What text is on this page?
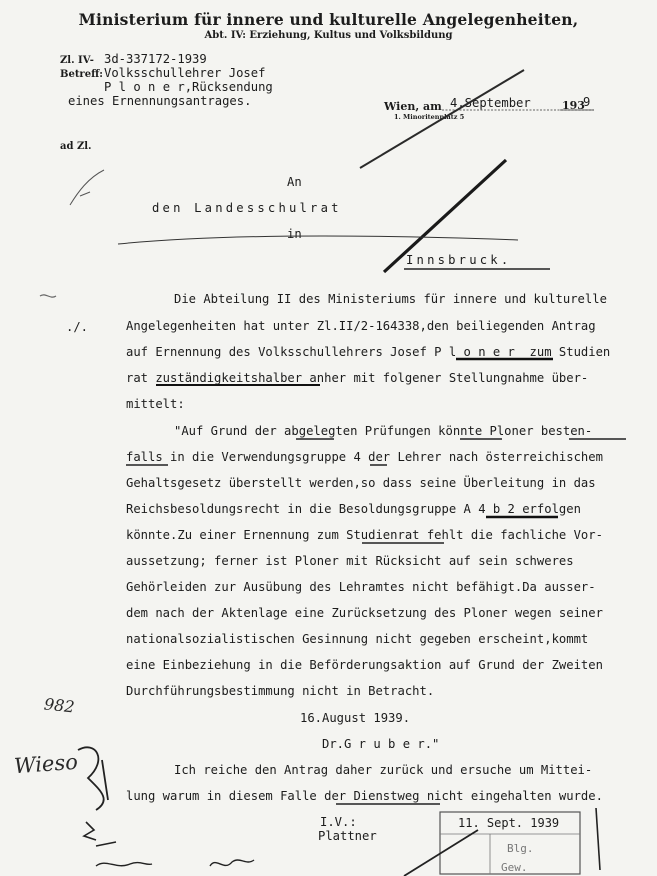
Ministerium für innere und kulturelle Angelegenheiten,
Abt. IV: Erziehung, Kultus und Volksbildung
Zl. IV- 3d-337172-1939
Betreff: Volksschullehrer Josef
P l o n e r,Rücksendung
eines Ernennungsantrages.	Wien, am 4.September	193
9
1. Minoritenplatz 5
ad Zl.
An
den Landesschulrat
in
Innsbruck.
./.
Die Abteilung II des Ministeriums für innere und kulturelle
Angelegenheiten hat unter Zl.II/2-164338,den beiliegenden Antrag
auf Ernennung des Volksschullehrers Josef P l o n e r  zum Studien
rat zuständigkeitshalber anher mit folgener Stellungnahme über-
mittelt:
"Auf Grund der abgelegten Prüfungen könnte Ploner besten-
falls in die Verwendungsgruppe 4 der Lehrer nach österreichischem
Gehaltsgesetz überstellt werden,so dass seine Überleitung in das
Reichsbesoldungsrecht in die Besoldungsgruppe A 4 b 2 erfolgen
könnte.Zu einer Ernennung zum Studienrat fehlt die fachliche Vor-
aussetzung; ferner ist Ploner mit Rücksicht auf sein schweres
Gehörleiden zur Ausübung des Lehramtes nicht befähigt.Da ausser-
dem nach der Aktenlage eine Zurücksetzung des Ploner wegen seiner
nationalsozialistischen Gesinnung nicht gegeben erscheint,kommt
eine Einbeziehung in die Beförderungsaktion auf Grund der Zweiten
Durchführungsbestimmung nicht in Betracht.
16.August 1939.
Dr.G r u b e r."
Ich reiche den Antrag daher zurück und ersuche um Mittei-
lung warum in diesem Falle der Dienstweg nicht eingehalten wurde.
I.V.:
Plattner
11. Sept. 1939
Blg.
Gew.
982
Wieso
